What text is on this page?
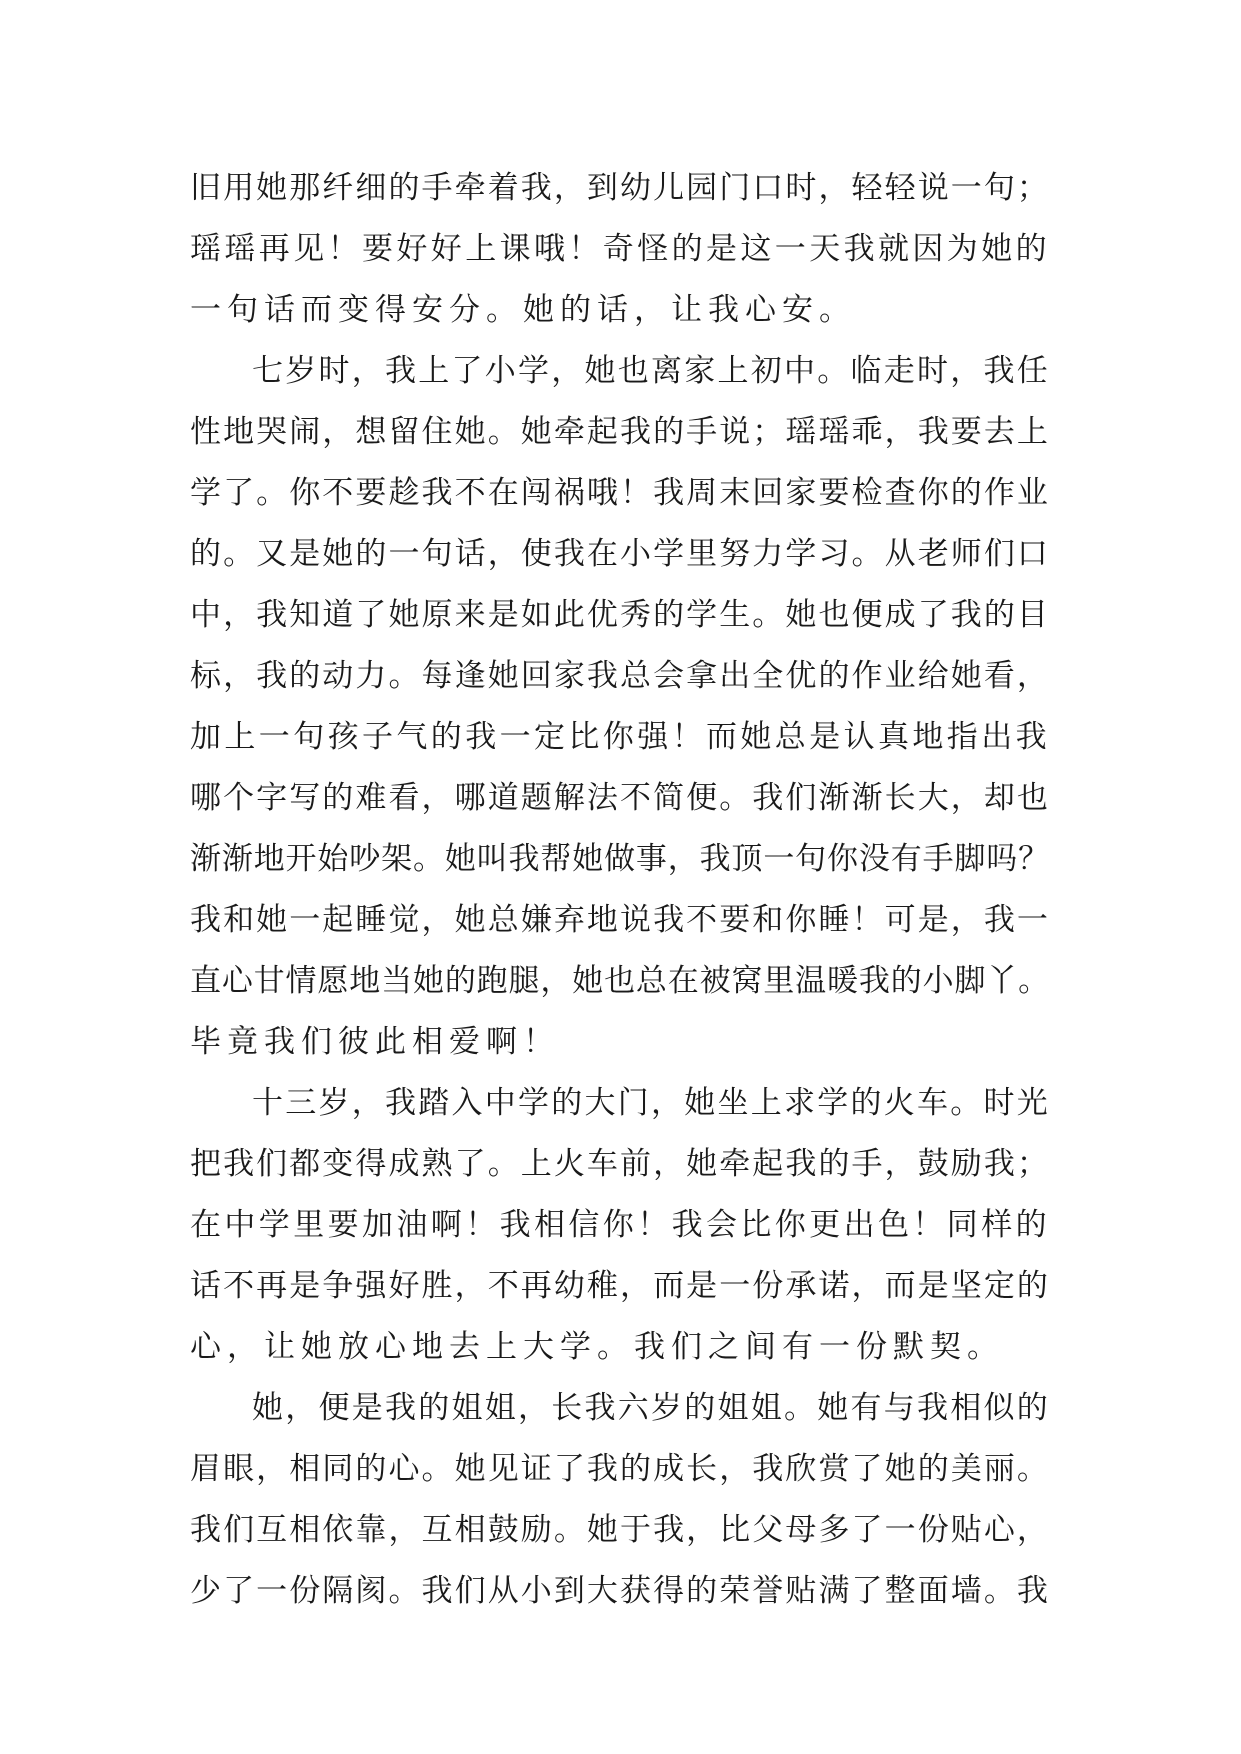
旧用她那纤细的手牵着我，到幼儿园门口时，轻轻说一句；
瑶瑶再见！要好好上课哦！奇怪的是这一天我就因为她的
一句话而变得安分。她的话，让我心安。
七岁时，我上了小学，她也离家上初中。临走时，我任
性地哭闹，想留住她。她牵起我的手说；瑶瑶乖，我要去上
学了。你不要趁我不在闯祸哦！我周末回家要检查你的作业
的。又是她的一句话，使我在小学里努力学习。从老师们口
中，我知道了她原来是如此优秀的学生。她也便成了我的目
标，我的动力。每逢她回家我总会拿出全优的作业给她看，
加上一句孩子气的我一定比你强！而她总是认真地指出我
哪个字写的难看，哪道题解法不简便。我们渐渐长大，却也
渐渐地开始吵架。她叫我帮她做事，我顶一句你没有手脚吗？
我和她一起睡觉，她总嫌弃地说我不要和你睡！可是，我一
直心甘情愿地当她的跑腿，她也总在被窝里温暖我的小脚丫。
毕竟我们彼此相爱啊！
十三岁，我踏入中学的大门，她坐上求学的火车。时光
把我们都变得成熟了。上火车前，她牵起我的手，鼓励我；
在中学里要加油啊！我相信你！我会比你更出色！同样的
话不再是争强好胜，不再幼稚，而是一份承诺，而是坚定的
心，让她放心地去上大学。我们之间有一份默契。
她，便是我的姐姐，长我六岁的姐姐。她有与我相似的
眉眼，相同的心。她见证了我的成长，我欣赏了她的美丽。
我们互相依靠，互相鼓励。她于我，比父母多了一份贴心，
少了一份隔阂。我们从小到大获得的荣誉贴满了整面墙。我
